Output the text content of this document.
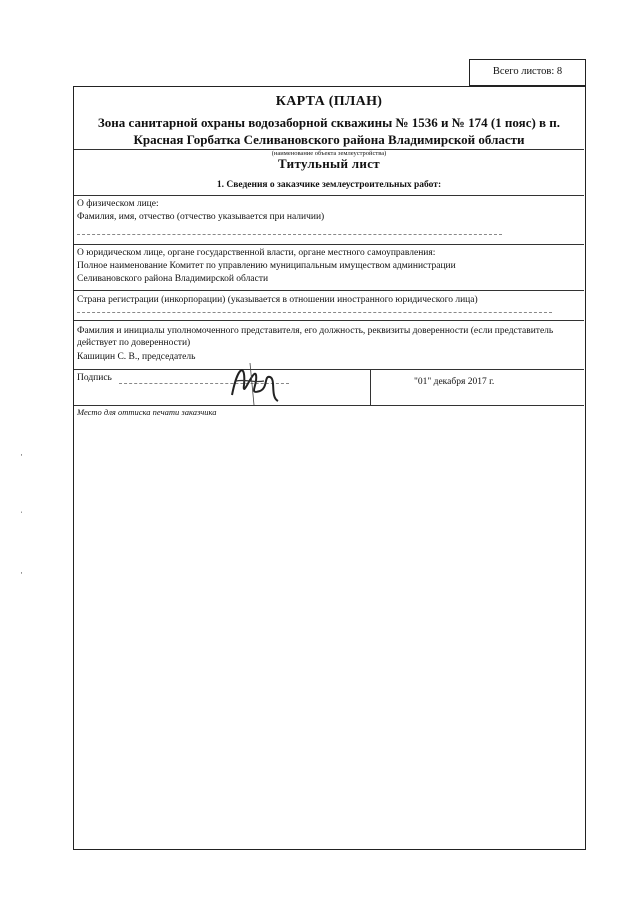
Всего листов: 8
КАРТА (ПЛАН)
Зона санитарной охраны водозаборной скважины № 1536 и № 174 (1 пояс) в п. Красная Горбатка Селивановского района Владимирской области
(наименование объекта землеустройства)
Титульный лист
1. Сведения о заказчике землеустроительных работ:
О физическом лице:
Фамилия, имя, отчество (отчество указывается при наличии)
О юридическом лице, органе государственной власти, органе местного самоуправления:
Полное наименование Комитет по управлению муниципальным имуществом администрации
Селивановского района Владимирской области
Страна регистрации (инкорпорации) (указывается в отношении иностранного юридического лица)
Фамилия и инициалы уполномоченного представителя, его должность, реквизиты доверенности (если представитель действует по доверенности)
Кашицин С. В., председатель
Подпись	"01" декабря 2017 г.
Место для оттиска печати заказчика
·
ˈ
·
